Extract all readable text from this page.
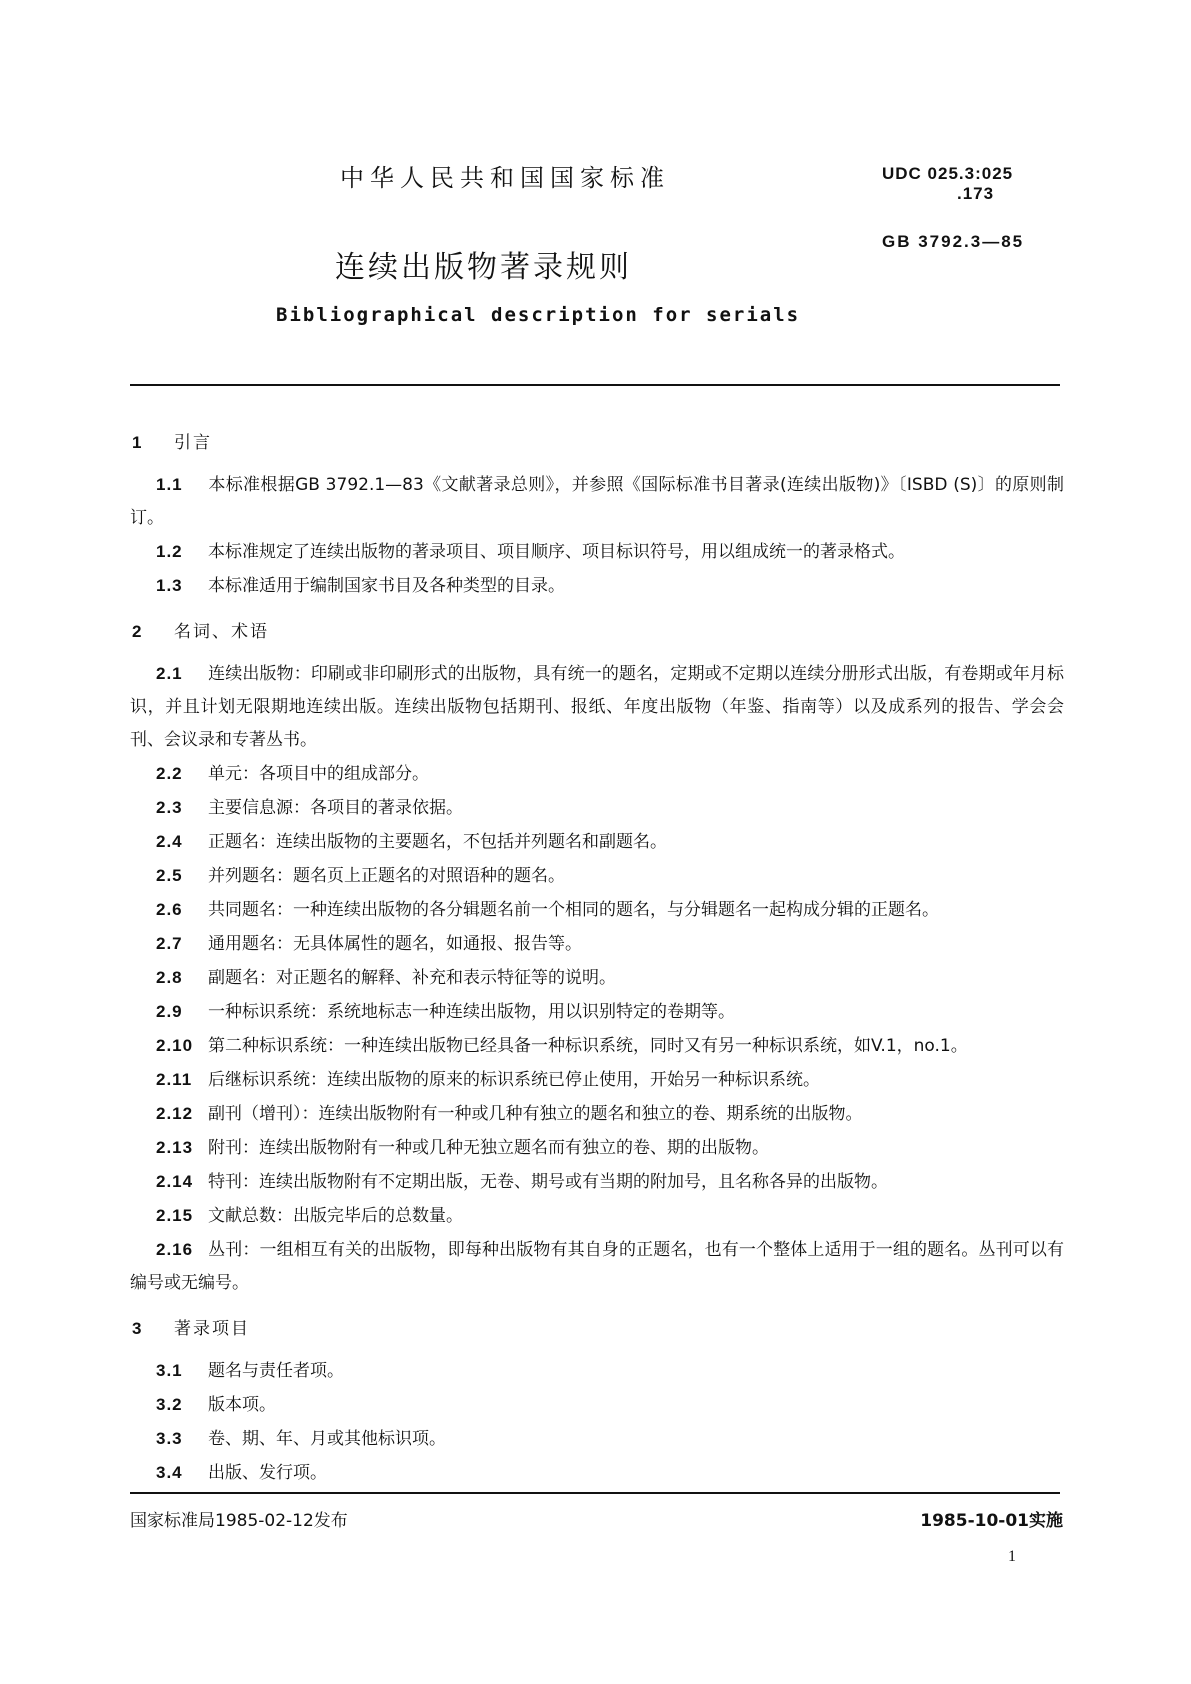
中华人民共和国国家标准
连续出版物著录规则
Bibliographical description for serials
UDC 025.3:025
.173
GB 3792.3—85

1 引言

1.1 本标准根据GB 3792.1—83《文献著录总则》，并参照《国际标准书目著录(连续出版物)》〔ISBD (S)〕的原则制订。

1.2 本标准规定了连续出版物的著录项目、项目顺序、项目标识符号，用以组成统一的著录格式。

1.3 本标准适用于编制国家书目及各种类型的目录。

2 名词、术语

2.1 连续出版物：印刷或非印刷形式的出版物，具有统一的题名，定期或不定期以连续分册形式出版，有卷期或年月标识，并且计划无限期地连续出版。连续出版物包括期刊、报纸、年度出版物（年鉴、指南等）以及成系列的报告、学会会刊、会议录和专著丛书。

2.2 单元：各项目中的组成部分。

2.3 主要信息源：各项目的著录依据。

2.4 正题名：连续出版物的主要题名，不包括并列题名和副题名。

2.5 并列题名：题名页上正题名的对照语种的题名。

2.6 共同题名：一种连续出版物的各分辑题名前一个相同的题名，与分辑题名一起构成分辑的正题名。

2.7 通用题名：无具体属性的题名，如通报、报告等。

2.8 副题名：对正题名的解释、补充和表示特征等的说明。

2.9 一种标识系统：系统地标志一种连续出版物，用以识别特定的卷期等。

2.10 第二种标识系统：一种连续出版物已经具备一种标识系统，同时又有另一种标识系统，如V.1，no.1。

2.11 后继标识系统：连续出版物的原来的标识系统已停止使用，开始另一种标识系统。

2.12 副刊（增刊）：连续出版物附有一种或几种有独立的题名和独立的卷、期系统的出版物。

2.13 附刊：连续出版物附有一种或几种无独立题名而有独立的卷、期的出版物。

2.14 特刊：连续出版物附有不定期出版，无卷、期号或有当期的附加号，且名称各异的出版物。

2.15 文献总数：出版完毕后的总数量。

2.16 丛刊：一组相互有关的出版物，即每种出版物有其自身的正题名，也有一个整体上适用于一组的题名。丛刊可以有编号或无编号。

3 著录项目

3.1 题名与责任者项。

3.2 版本项。

3.3 卷、期、年、月或其他标识项。

3.4 出版、发行项。

国家标准局1985-02-12发布	1985-10-01实施
1
